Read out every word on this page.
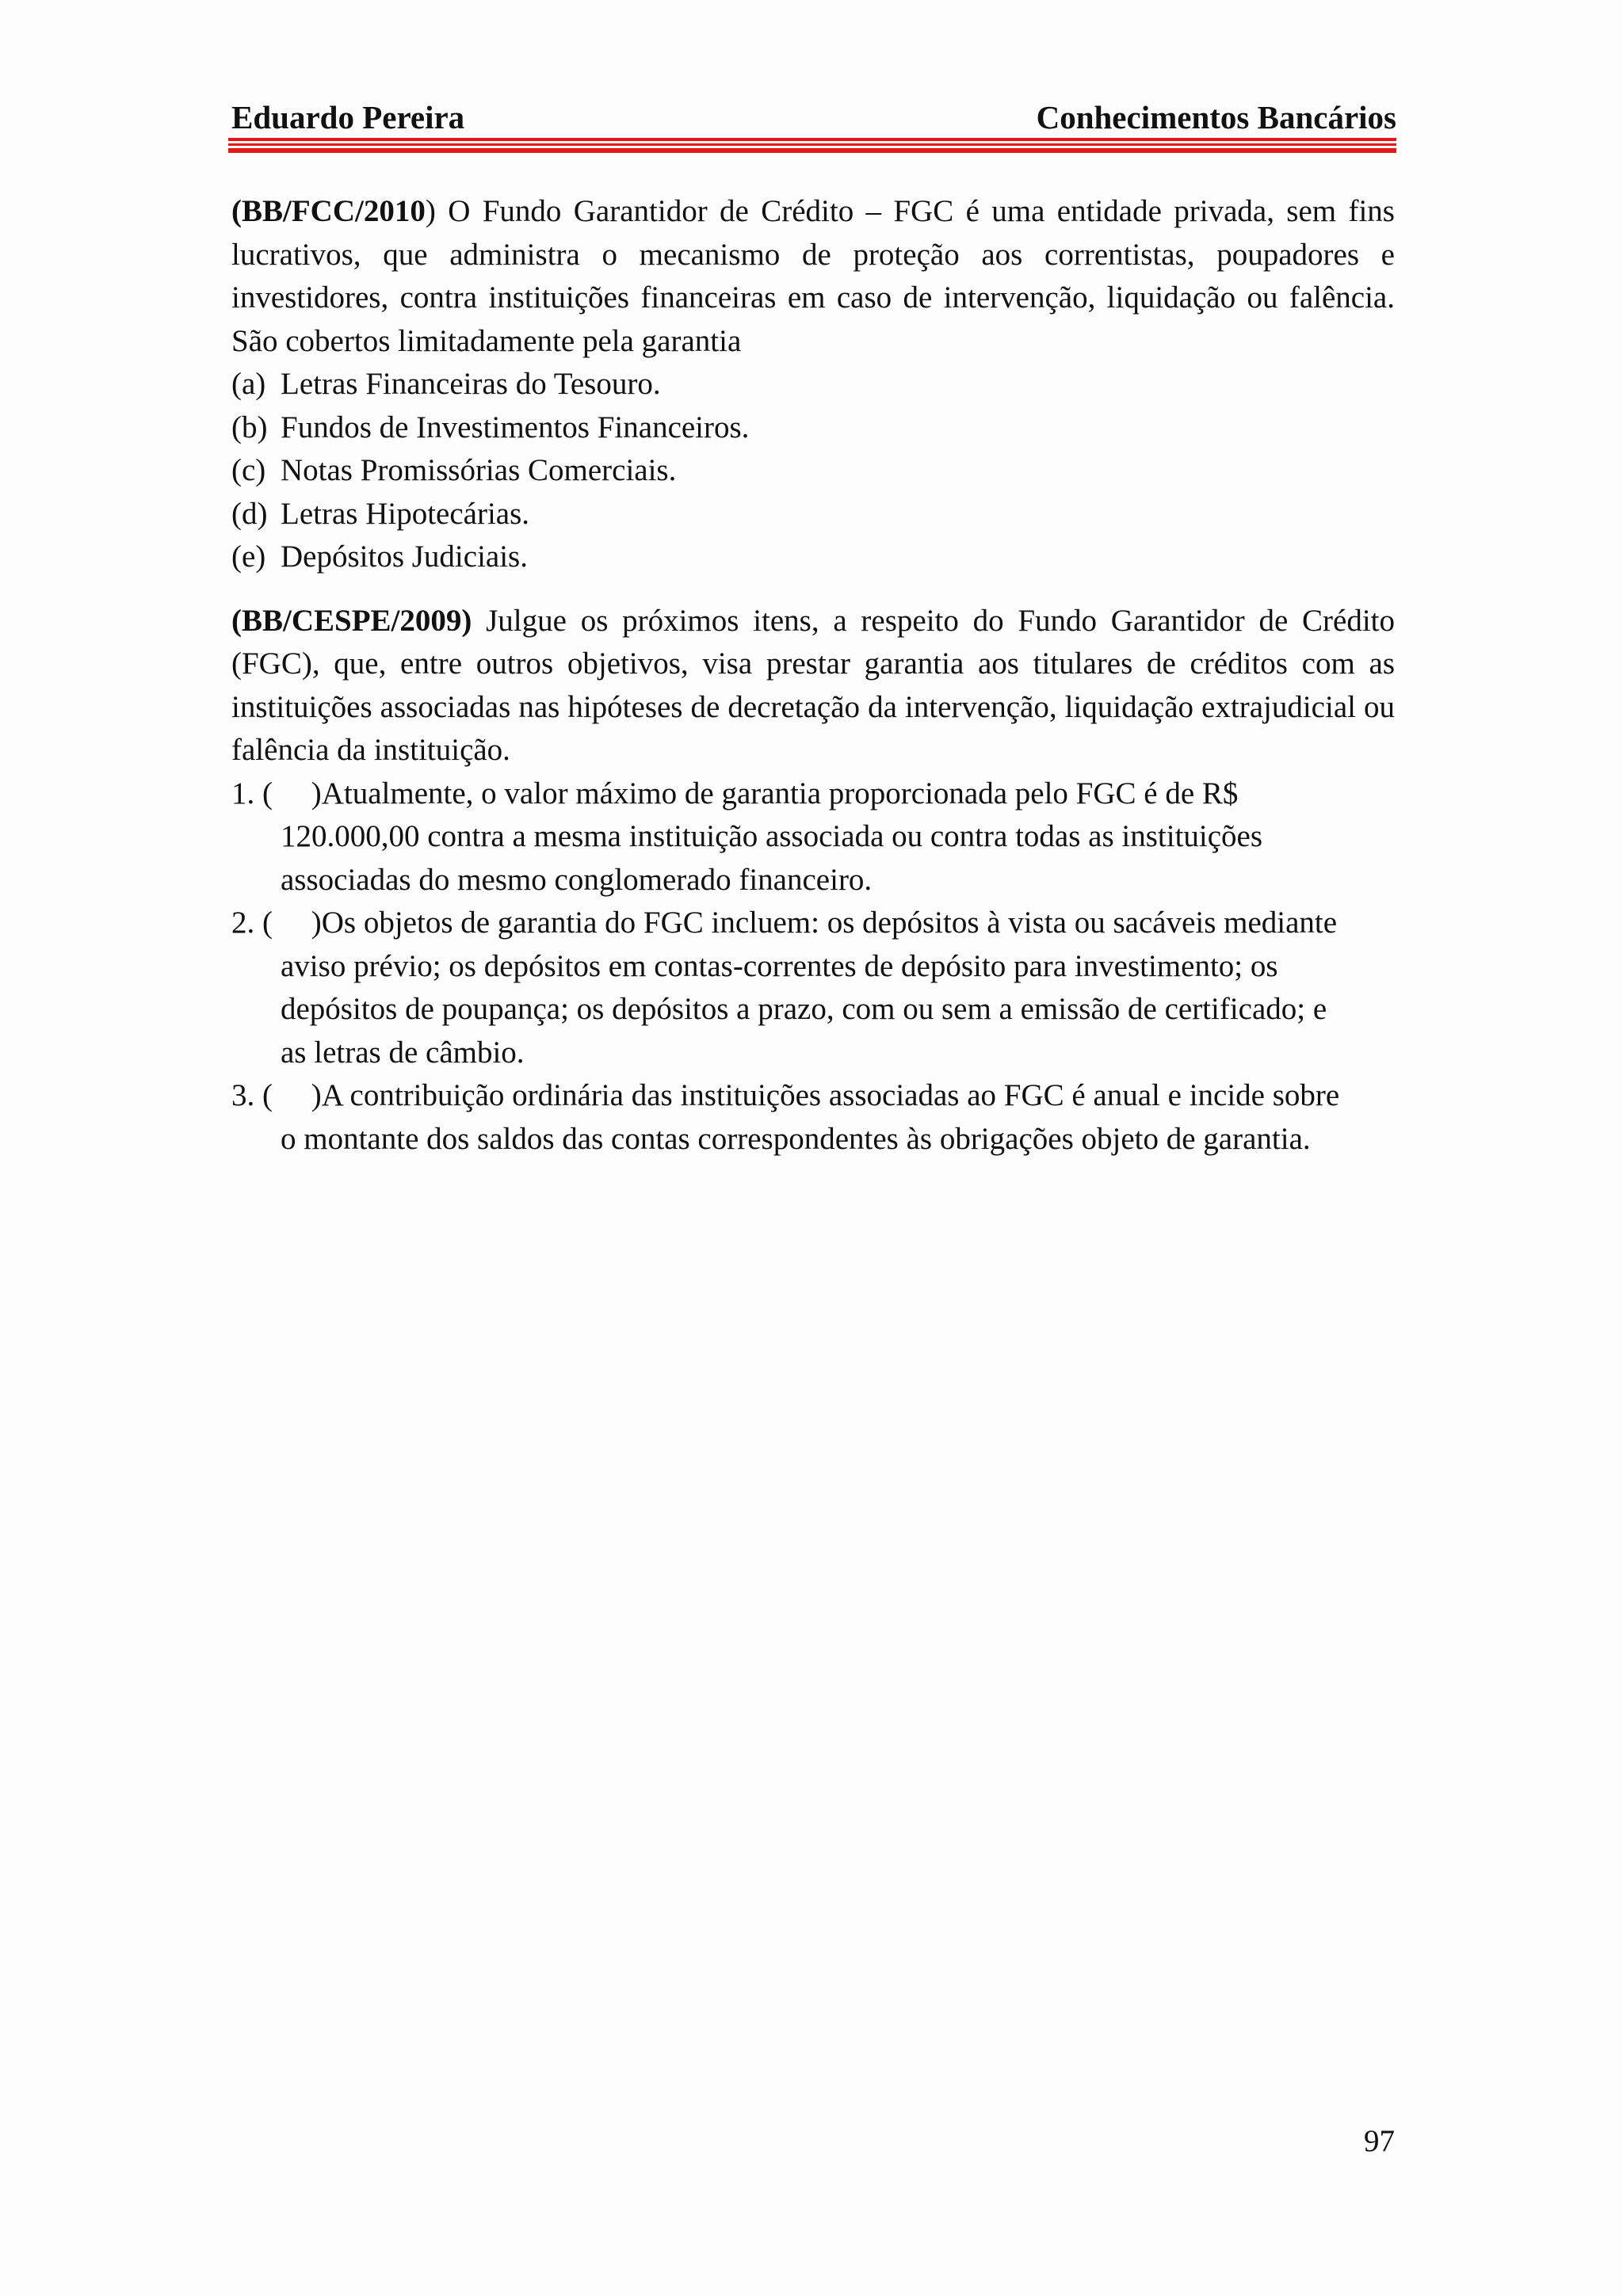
Eduardo Pereira	Conhecimentos Bancários

(BB/FCC/2010) O Fundo Garantidor de Crédito – FGC é uma entidade privada, sem fins lucrativos, que administra o mecanismo de proteção aos correntistas, poupadores e investidores, contra instituições financeiras em caso de intervenção, liquidação ou falência. São cobertos limitadamente pela garantia

(a) Letras Financeiras do Tesouro.
(b) Fundos de Investimentos Financeiros.
(c) Notas Promissórias Comerciais.
(d) Letras Hipotecárias.
(e) Depósitos Judiciais.

(BB/CESPE/2009) Julgue os próximos itens, a respeito do Fundo Garantidor de Crédito (FGC), que, entre outros objetivos, visa prestar garantia aos titulares de créditos com as instituições associadas nas hipóteses de decretação da intervenção, liquidação extrajudicial ou falência da instituição.

1. ( )Atualmente, o valor máximo de garantia proporcionada pelo FGC é de R$ 120.000,00 contra a mesma instituição associada ou contra todas as instituições associadas do mesmo conglomerado financeiro.
2. ( )Os objetos de garantia do FGC incluem: os depósitos à vista ou sacáveis mediante aviso prévio; os depósitos em contas-correntes de depósito para investimento; os depósitos de poupança; os depósitos a prazo, com ou sem a emissão de certificado; e as letras de câmbio.
3. ( )A contribuição ordinária das instituições associadas ao FGC é anual e incide sobre o montante dos saldos das contas correspondentes às obrigações objeto de garantia.
97
